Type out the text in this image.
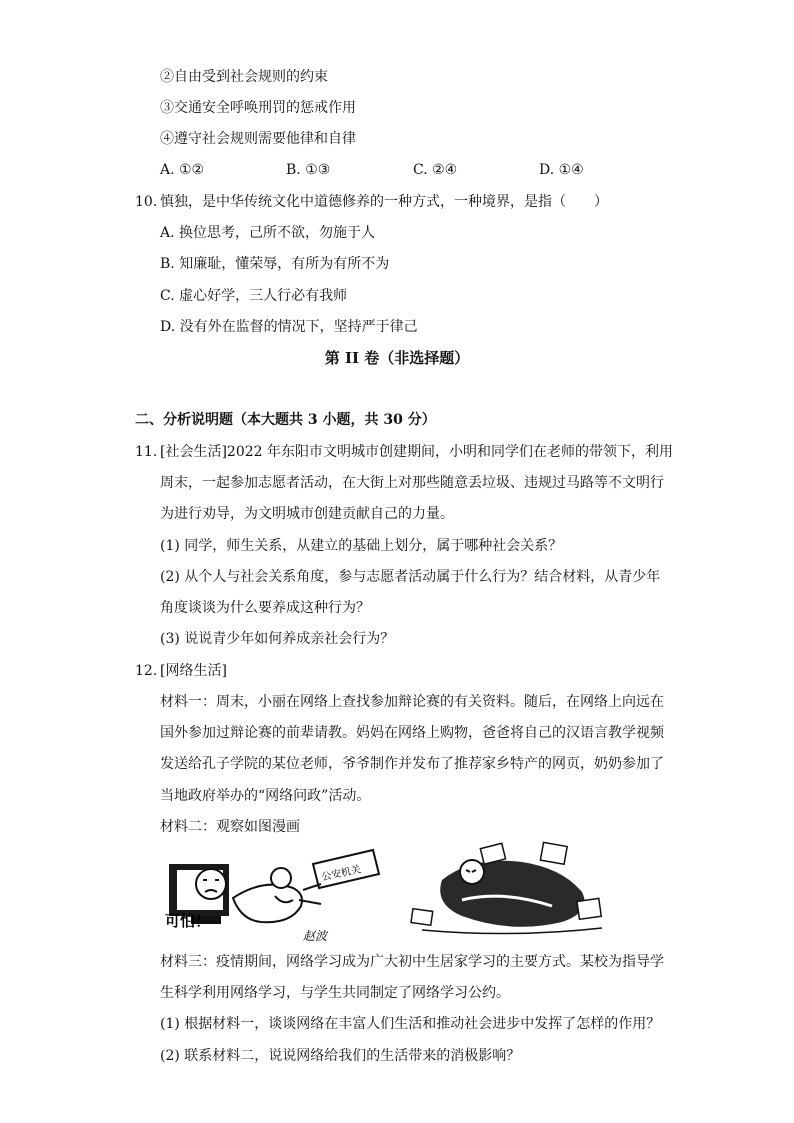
②自由受到社会规则的约束
③交通安全呼唤刑罚的惩戒作用
④遵守社会规则需要他律和自律
A. ①②	B. ①③	C. ②④	D. ①④
10. 慎独，是中华传统文化中道德修养的一种方式，一种境界，是指（　　）
A. 换位思考，己所不欲，勿施于人
B. 知廉耻，懂荣辱，有所为有所不为
C. 虚心好学，三人行必有我师
D. 没有外在监督的情况下，坚持严于律己
第 II 卷（非选择题）
二、分析说明题（本大题共 3 小题，共 30 分）
11. [社会生活]2022 年东阳市文明城市创建期间，小明和同学们在老师的带领下，利用
周末，一起参加志愿者活动，在大街上对那些随意丢垃圾、违规过马路等不文明行
为进行劝导，为文明城市创建贡献自己的力量。
(1) 同学，师生关系，从建立的基础上划分，属于哪种社会关系？
(2) 从个人与社会关系角度，参与志愿者活动属于什么行为？结合材料，从青少年
角度谈谈为什么要养成这种行为？
(3) 说说青少年如何养成亲社会行为？
12. [网络生活]
材料一：周末，小丽在网络上查找参加辩论赛的有关资料。随后，在网络上向远在
国外参加过辩论赛的前辈请教。妈妈在网络上购物，爸爸将自己的汉语言教学视频
发送给孔子学院的某位老师，爷爷制作并发布了推荐家乡特产的网页，奶奶参加了
当地政府举办的“网络问政”活动。
材料二：观察如图漫画
公安机关
可怕！
赵波
材料三：疫情期间，网络学习成为广大初中生居家学习的主要方式。某校为指导学
生科学利用网络学习，与学生共同制定了网络学习公约。
(1) 根据材料一，谈谈网络在丰富人们生活和推动社会进步中发挥了怎样的作用？
(2) 联系材料二，说说网络给我们的生活带来的消极影响？
